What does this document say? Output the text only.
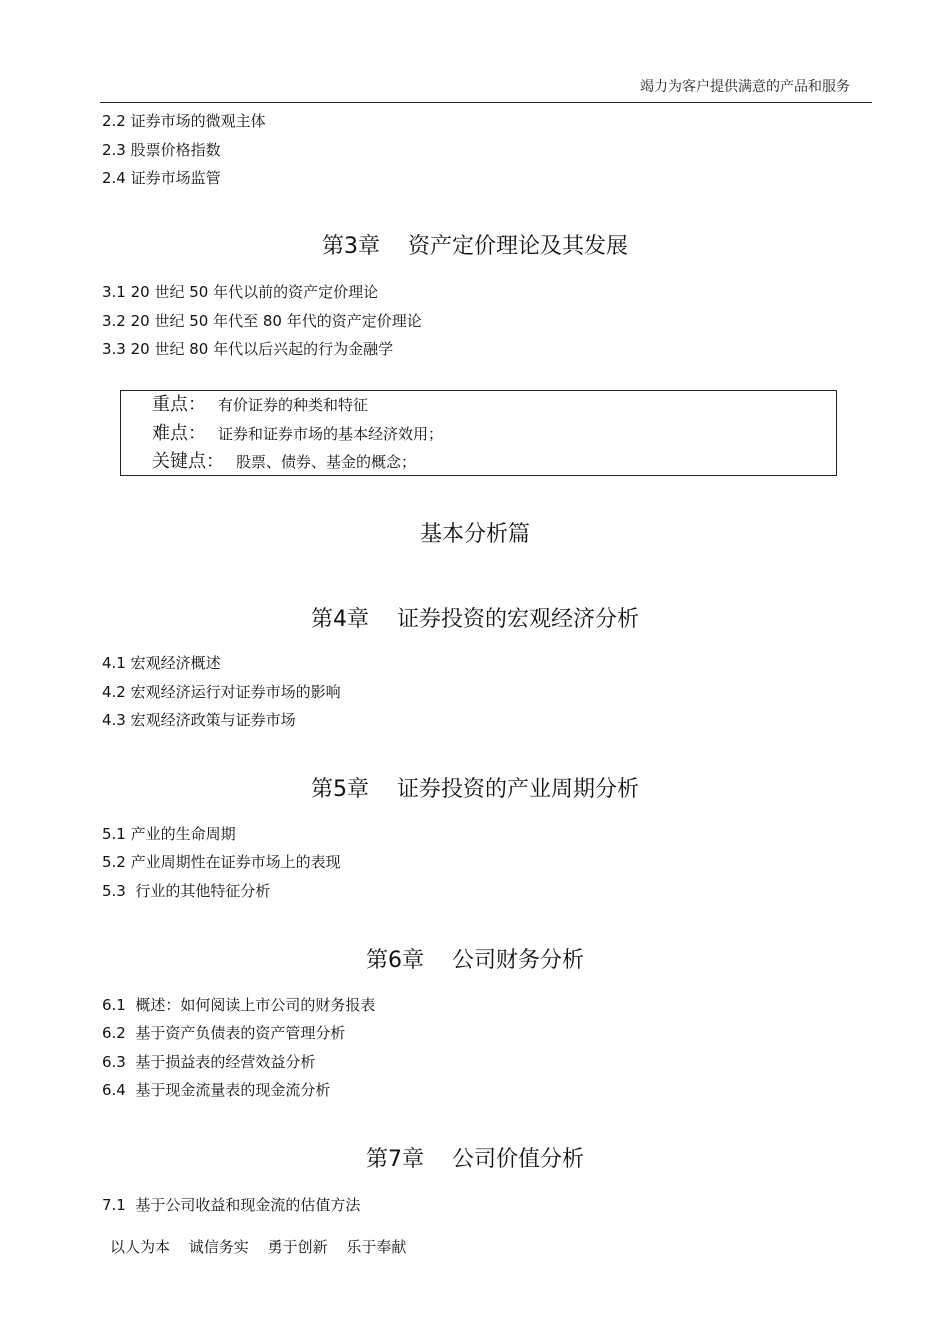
竭力为客户提供满意的产品和服务
2.2 证券市场的微观主体
2.3 股票价格指数
2.4 证券市场监管
第3章 资产定价理论及其发展
3.1 20 世纪 50 年代以前的资产定价理论
3.2 20 世纪 50 年代至 80 年代的资产定价理论
3.3 20 世纪 80 年代以后兴起的行为金融学
重点： 有价证券的种类和特征
难点： 证券和证券市场的基本经济效用；
关键点： 股票、债券、基金的概念；
基本分析篇
第4章 证券投资的宏观经济分析
4.1 宏观经济概述
4.2 宏观经济运行对证券市场的影响
4.3 宏观经济政策与证券市场
第5章 证券投资的产业周期分析
5.1 产业的生命周期
5.2 产业周期性在证券市场上的表现
5.3 行业的其他特征分析
第6章 公司财务分析
6.1 概述：如何阅读上市公司的财务报表
6.2 基于资产负债表的资产管理分析
6.3 基于损益表的经营效益分析
6.4 基于现金流量表的现金流分析
第7章 公司价值分析
7.1 基于公司收益和现金流的估值方法
以人为本 诚信务实 勇于创新 乐于奉献
